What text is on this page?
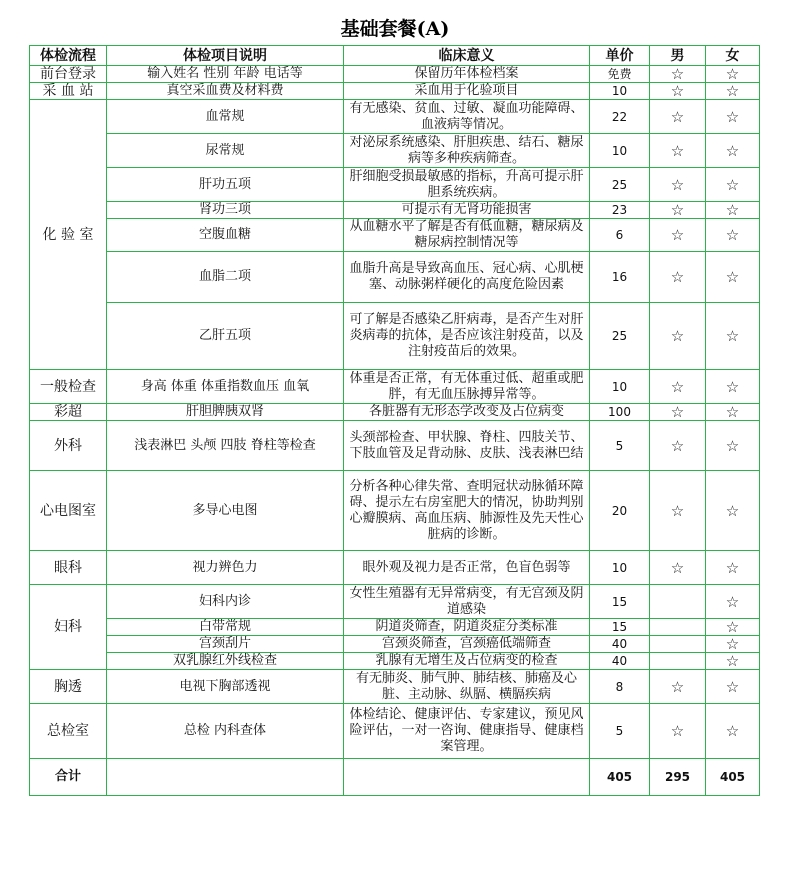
基础套餐(A)
体检流程	体检项目说明	临床意义	单价	男	女
前台登录	输入姓名 性别 年龄 电话等	保留历年体检档案	免费	☆	☆
采 血 站	真空采血费及材料费	采血用于化验项目	10	☆	☆
化 验 室	血常规	有无感染、贫血、过敏、凝血功能障碍、血液病等情况。	22	☆	☆
	尿常规	对泌尿系统感染、肝胆疾患、结石、糖尿病等多种疾病筛查。	10	☆	☆
	肝功五项	肝细胞受损最敏感的指标，升高可提示肝胆系统疾病。	25	☆	☆
	肾功三项	可提示有无肾功能损害	23	☆	☆
	空腹血糖	从血糖水平了解是否有低血糖，糖尿病及糖尿病控制情况等	6	☆	☆
	血脂二项	血脂升高是导致高血压、冠心病、心肌梗塞、动脉粥样硬化的高度危险因素	16	☆	☆
	乙肝五项	可了解是否感染乙肝病毒，是否产生对肝炎病毒的抗体，是否应该注射疫苗，以及注射疫苗后的效果。	25	☆	☆
一般检查	身高 体重 体重指数血压 血氧	体重是否正常，有无体重过低、超重或肥胖，有无血压脉搏异常等。	10	☆	☆
彩超	肝胆脾胰双肾	各脏器有无形态学改变及占位病变	100	☆	☆
外科	浅表淋巴 头颅 四肢 脊柱等检查	头颈部检查、甲状腺、脊柱、四肢关节、下肢血管及足背动脉、皮肤、浅表淋巴结	5	☆	☆
心电图室	多导心电图	分析各种心律失常、查明冠状动脉循环障碍、提示左右房室肥大的情况，协助判别心瓣膜病、高血压病、肺源性及先天性心脏病的诊断。	20	☆	☆
眼科	视力辨色力	眼外观及视力是否正常，色盲色弱等	10	☆	☆
妇科	妇科内诊	女性生殖器有无异常病变，有无宫颈及阴道感染	15		☆
	白带常规	阴道炎筛查，阴道炎症分类标准	15		☆
	宫颈刮片	宫颈炎筛查，宫颈癌低端筛查	40		☆
	双乳腺红外线检查	乳腺有无增生及占位病变的检查	40		☆
胸透	电视下胸部透视	有无肺炎、肺气肿、肺结核、肺癌及心脏、主动脉、纵膈、横膈疾病	8	☆	☆
总检室	总检 内科查体	体检结论、健康评估、专家建议，预见风险评估，一对一咨询、健康指导、健康档案管理。	5	☆	☆
合计			405	295	405
